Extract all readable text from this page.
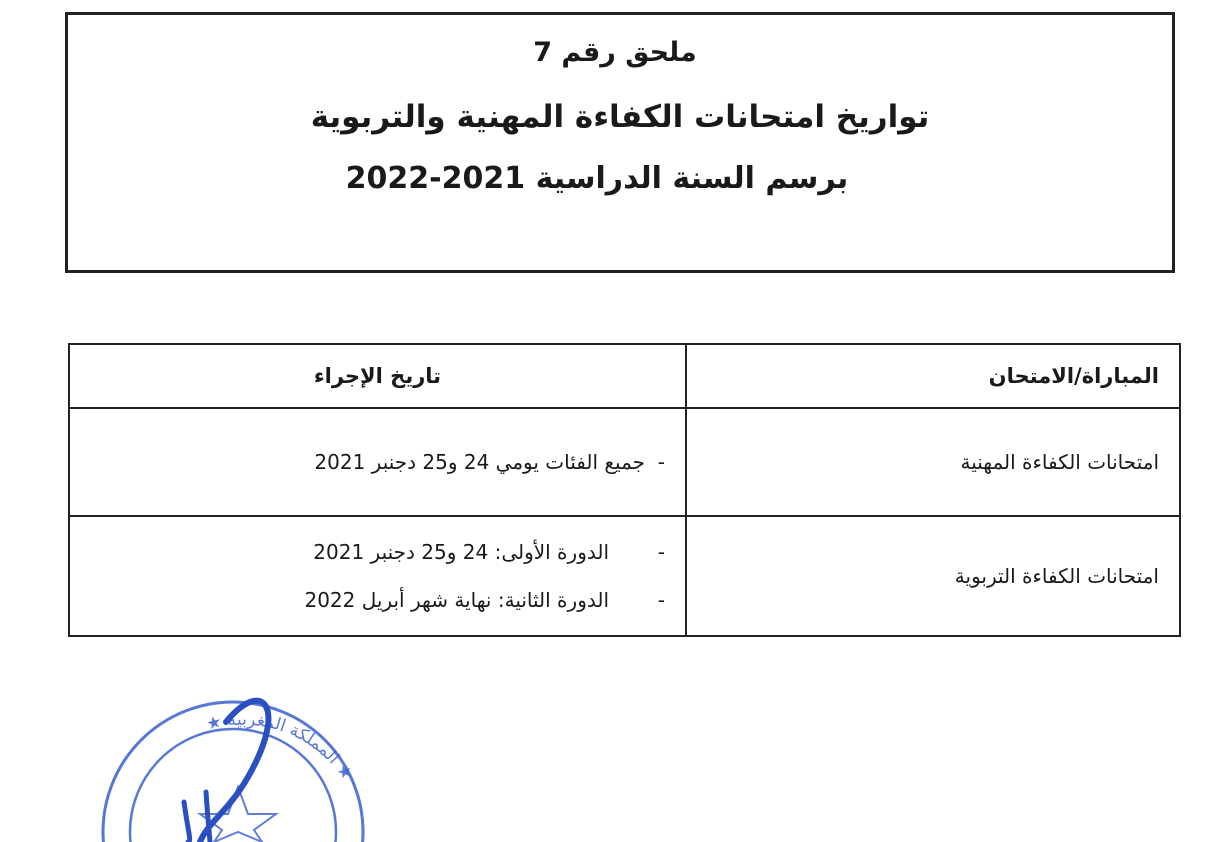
ملحق رقم 7
تواريخ امتحانات الكفاءة المهنية والتربوية
برسم السنة الدراسية 2021-2022
المباراة/الامتحان	تاريخ الإجراء
امتحانات الكفاءة المهنية	-جميع الفئات يومي 24 و25 دجنبر 2021

امتحانات الكفاءة التربوية	-الدورة الأولى: 24 و25 دجنبر 2021
-الدورة الثانية: نهاية شهر أبريل 2022
★ المملكة المغربية ★
